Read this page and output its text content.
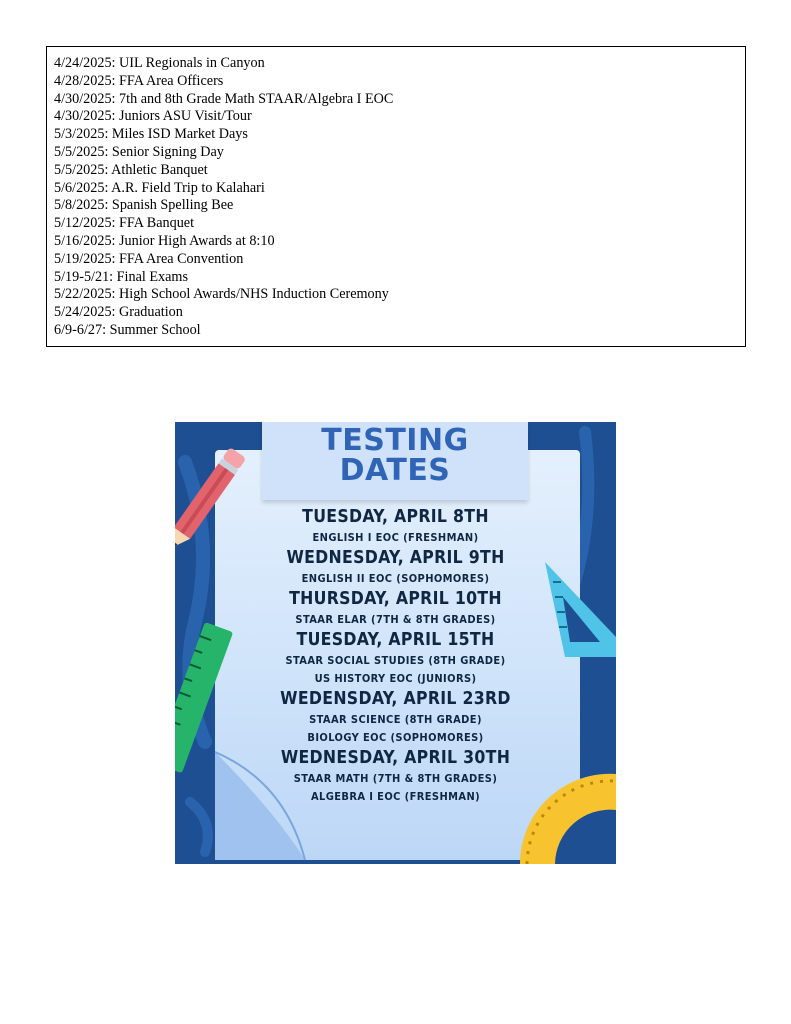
4/24/2025: UIL Regionals in Canyon
4/28/2025: FFA Area Officers
4/30/2025: 7th and 8th Grade Math STAAR/Algebra I EOC
4/30/2025: Juniors ASU Visit/Tour
5/3/2025: Miles ISD Market Days
5/5/2025: Senior Signing Day
5/5/2025: Athletic Banquet
5/6/2025: A.R. Field Trip to Kalahari
5/8/2025: Spanish Spelling Bee
5/12/2025: FFA Banquet
5/16/2025: Junior High Awards at 8:10
5/19/2025: FFA Area Convention
5/19-5/21: Final Exams
5/22/2025: High School Awards/NHS Induction Ceremony
5/24/2025: Graduation
6/9-6/27: Summer School
TESTING
DATES
TUESDAY, APRIL 8TH
ENGLISH I EOC (FRESHMAN)
WEDNESDAY, APRIL 9TH
ENGLISH II EOC (SOPHOMORES)
THURSDAY, APRIL 10TH
STAAR ELAR (7TH & 8TH GRADES)
TUESDAY, APRIL 15TH
STAAR SOCIAL STUDIES (8TH GRADE)
US HISTORY EOC (JUNIORS)
WEDENSDAY, APRIL 23RD
STAAR SCIENCE (8TH GRADE)
BIOLOGY EOC (SOPHOMORES)
WEDNESDAY, APRIL 30TH
STAAR MATH (7TH & 8TH GRADES)
ALGEBRA I EOC (FRESHMAN)
